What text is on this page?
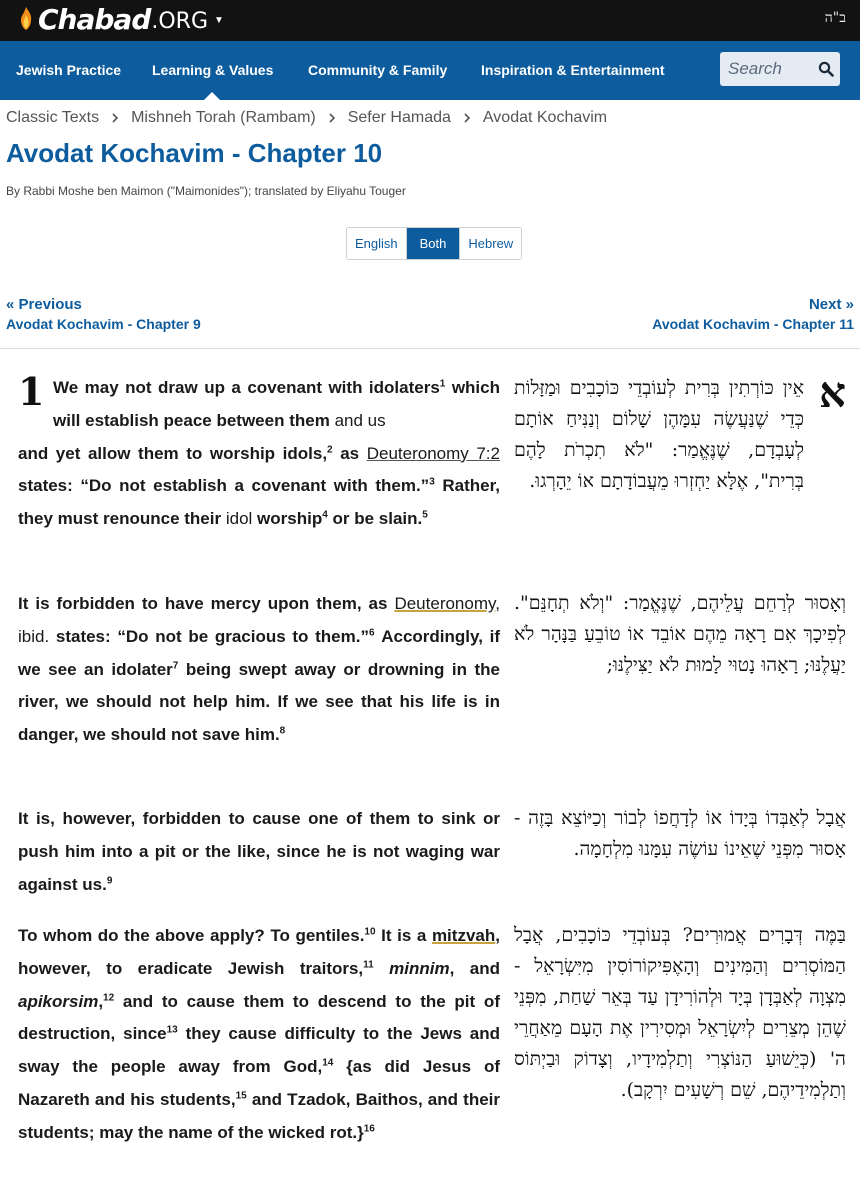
Chabad .ORG ▼	ב"ה
Jewish Practice Learning & Values Community & Family Inspiration & Entertainment
Search
Classic Texts Mishneh Torah (Rambam) Sefer Hamada Avodat Kochavim
Avodat Kochavim - Chapter 10
By Rabbi Moshe ben Maimon ("Maimonides"); translated by Eliyahu Touger
English	Both	Hebrew
« Previous
Avodat Kochavim - Chapter 9
Next »
Avodat Kochavim - Chapter 11
1	א
We may not draw up a covenant with idolaters$^1$ which will establish peace between them and us
and yet allow them to worship idols,$^2$ as Deuteronomy 7:2 states: “Do not establish a covenant with them.”$^3$ Rather, they must renounce their idol worship$^4$ or be slain.$^5$
It is forbidden to have mercy upon them, as Deuteronomy, ibid. states: “Do not be gracious to them.”$^6$ Accordingly, if we see an idolater$^7$ being swept away or drowning in the river, we should not help him. If we see that his life is in danger, we should not save him.$^8$
It is, however, forbidden to cause one of them to sink or push him into a pit or the like, since he is not waging war against us.$^9$
To whom do the above apply? To gentiles.$^{10}$ It is a mitzvah, however, to eradicate Jewish traitors,$^{11}$ minnim, and apikorsim,$^{12}$ and to cause them to descend to the pit of destruction, since$^{13}$ they cause difficulty to the Jews and sway the people away from God,$^{14}$ {as did Jesus of Nazareth and his students,$^{15}$ and Tzadok, Baithos, and their students; may the name of the wicked rot.}$^{16}$
אֵין כּוֹרְתִין בְּרִית לְעוֹבְדֵי כּוֹכָבִים וּמַזָּלוֹת כְּדֵי שֶׁנַּעֲשֶׂה עִמָּהֶן שָׁלוֹם וְנַנִּיחַ אוֹתָם לְעָבְדָם, שֶׁנֶּאֱמַר: "לֹא תִכְרֹת לָהֶם בְּרִית", אֶלָּא יַחְזְרוּ מֵעֲבוֹדָתָם אוֹ יֵהָרְגוּ.
וְאָסוּר לְרַחֵם עֲלֵיהֶם, שֶׁנֶּאֱמַר: "וְלֹא תְחָנֵּם". לְפִיכָךְ אִם רָאָה מֵהֶם אוֹבֵד אוֹ טוֹבֵעַ בַּנָּהָר לֹא יַעֲלֶנּוּ; רָאָהוּ נָטוּי לָמוּת לֹא יַצִּילֶנּוּ;
אֲבָל לְאַבְּדוֹ בְּיָדוֹ אוֹ לְדָחֲפוֹ לְבוֹר וְכַיּוֹצֵא בָּזֶה - אָסוּר מִפְּנֵי שֶׁאֵינוֹ עוֹשֶׂה עִמָּנוּ מִלְחָמָה.
בַּמֶּה דְּבָרִים אֲמוּרִים? בְּעוֹבְדֵי כּוֹכָבִים, אֲבָל הַמּוֹסְרִים וְהַמִּינִים וְהָאֶפִּיקוֹרוֹסִין מִיִּשְׂרָאֵל - מִצְוָה לְאַבְּדָן בְּיָד וּלְהוֹרִידָן עַד בְּאֵר שַׁחַת, מִפְּנֵי שֶׁהֵן מְצֵרִים לְיִשְׂרָאֵל וּמְסִירִין אֶת הָעָם מֵאַחֲרֵי ה' (כְּיֵשׁוּעַ הַנּוֹצְרִי וְתַלְמִידָיו, וְצָדוֹק וּבַיְתּוֹס וְתַלְמִידֵיהֶם, שֵׁם רְשָׁעִים יִרְקָב).
